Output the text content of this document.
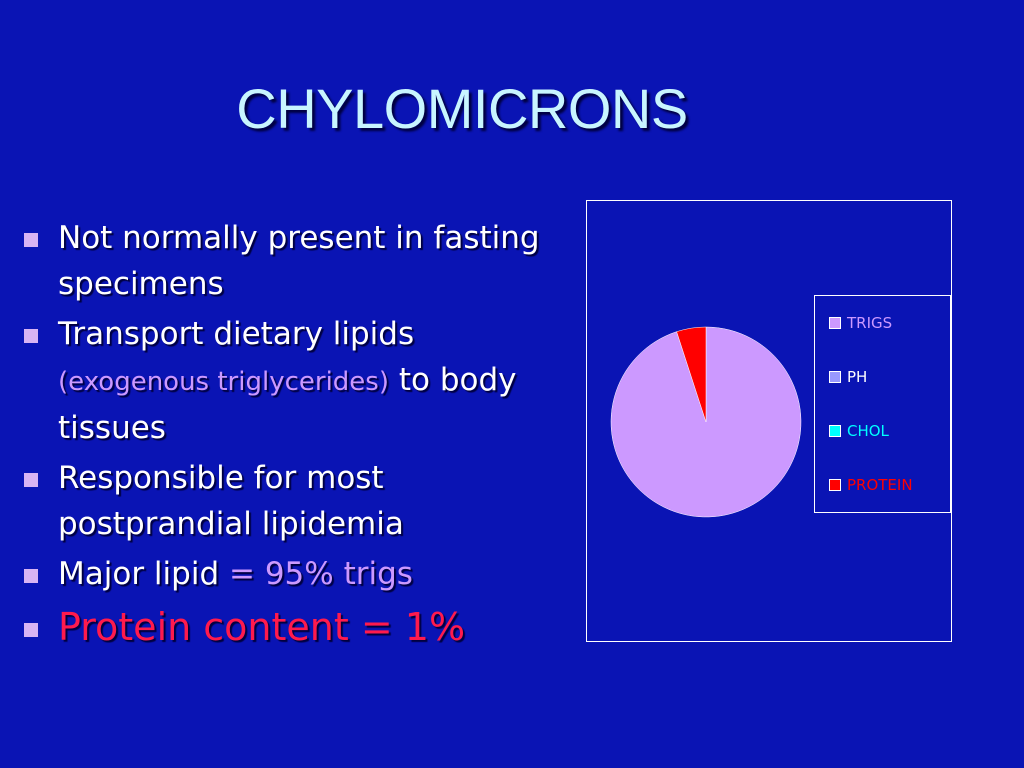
CHYLOMICRONS
Not normally present in fasting specimens
Transport dietary lipids
(exogenous triglycerides) to body tissues
Responsible for most postprandial lipidemia
Major lipid = 95% trigs
Protein content = 1%
TRIGS
PH
CHOL
PROTEIN
